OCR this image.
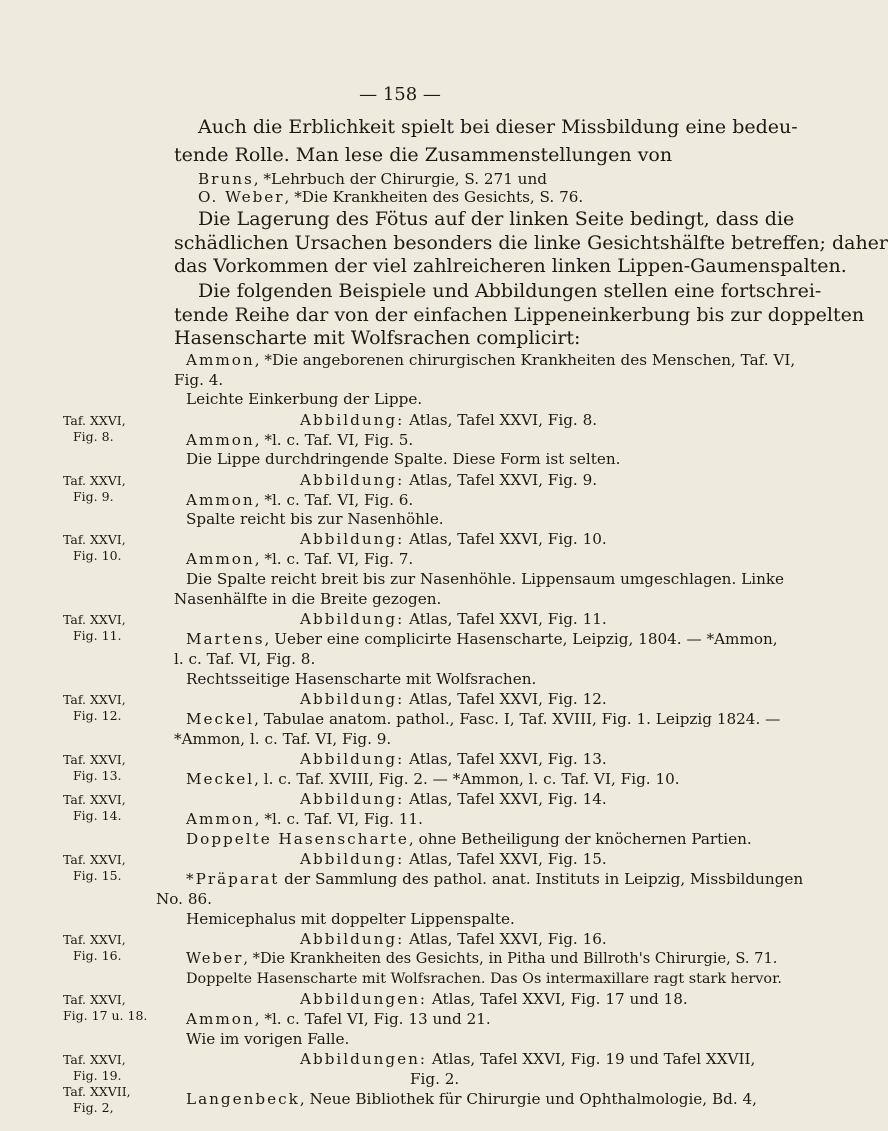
— 158 —
Auch die Erblichkeit spielt bei dieser Missbildung eine bedeu-
tende Rolle. Man lese die Zusammenstellungen von
Bruns, *Lehrbuch der Chirurgie, S. 271 und
O. Weber, *Die Krankheiten des Gesichts, S. 76.
Die Lagerung des Fötus auf der linken Seite bedingt, dass die
schädlichen Ursachen besonders die linke Gesichtshälfte betreffen; daher
das Vorkommen der viel zahlreicheren linken Lippen-Gaumenspalten.
Die folgenden Beispiele und Abbildungen stellen eine fortschrei-
tende Reihe dar von der einfachen Lippeneinkerbung bis zur doppelten
Hasenscharte mit Wolfsrachen complicirt:
Ammon, *Die angeborenen chirurgischen Krankheiten des Menschen, Taf. VI,
Fig. 4.
Leichte Einkerbung der Lippe.
Abbildung: Atlas, Tafel XXVI, Fig. 8.
Ammon, *l. c. Taf. VI, Fig. 5.
Taf. XXVI,
Fig. 8.
Die Lippe durchdringende Spalte. Diese Form ist selten.
Abbildung: Atlas, Tafel XXVI, Fig. 9.
Ammon, *l. c. Taf. VI, Fig. 6.
Taf. XXVI,
Fig. 9.
Spalte reicht bis zur Nasenhöhle.
Abbildung: Atlas, Tafel XXVI, Fig. 10.
Ammon, *l. c. Taf. VI, Fig. 7.
Taf. XXVI,
Fig. 10.
Die Spalte reicht breit bis zur Nasenhöhle. Lippensaum umgeschlagen. Linke
Nasenhälfte in die Breite gezogen.
Abbildung: Atlas, Tafel XXVI, Fig. 11.
Martens, Ueber eine complicirte Hasenscharte, Leipzig, 1804. — *Ammon,
l. c. Taf. VI, Fig. 8.
Taf. XXVI,
Fig. 11.
Rechtsseitige Hasenscharte mit Wolfsrachen.
Abbildung: Atlas, Tafel XXVI, Fig. 12.
Meckel, Tabulae anatom. pathol., Fasc. I, Taf. XVIII, Fig. 1. Leipzig 1824. —
*Ammon, l. c. Taf. VI, Fig. 9.
Taf. XXVI,
Fig. 12.
Abbildung: Atlas, Tafel XXVI, Fig. 13.
Meckel, l. c. Taf. XVIII, Fig. 2. — *Ammon, l. c. Taf. VI, Fig. 10.
Taf. XXVI,
Fig. 13.
Abbildung: Atlas, Tafel XXVI, Fig. 14.
Ammon, *l. c. Taf. VI, Fig. 11.
Taf. XXVI,
Fig. 14.
Doppelte Hasenscharte, ohne Betheiligung der knöchernen Partien.
Abbildung: Atlas, Tafel XXVI, Fig. 15.
*Präparat der Sammlung des pathol. anat. Instituts in Leipzig, Missbildungen
No. 86.
Taf. XXVI,
Fig. 15.
Hemicephalus mit doppelter Lippenspalte.
Abbildung: Atlas, Tafel XXVI, Fig. 16.
Weber, *Die Krankheiten des Gesichts, in Pitha und Billroth's Chirurgie, S. 71.
Taf. XXVI,
Fig. 16.
Doppelte Hasenscharte mit Wolfsrachen. Das Os intermaxillare ragt stark hervor.
Abbildungen: Atlas, Tafel XXVI, Fig. 17 und 18.
Ammon, *l. c. Tafel VI, Fig. 13 und 21.
Taf. XXVI,
Fig. 17 u. 18.
Wie im vorigen Falle.
Abbildungen: Atlas, Tafel XXVI, Fig. 19 und Tafel XXVII,
Fig. 2.
Langenbeck, Neue Bibliothek für Chirurgie und Ophthalmologie, Bd. 4,
Taf. XXVI,
Fig. 19.
Taf. XXVII,
Fig. 2,
